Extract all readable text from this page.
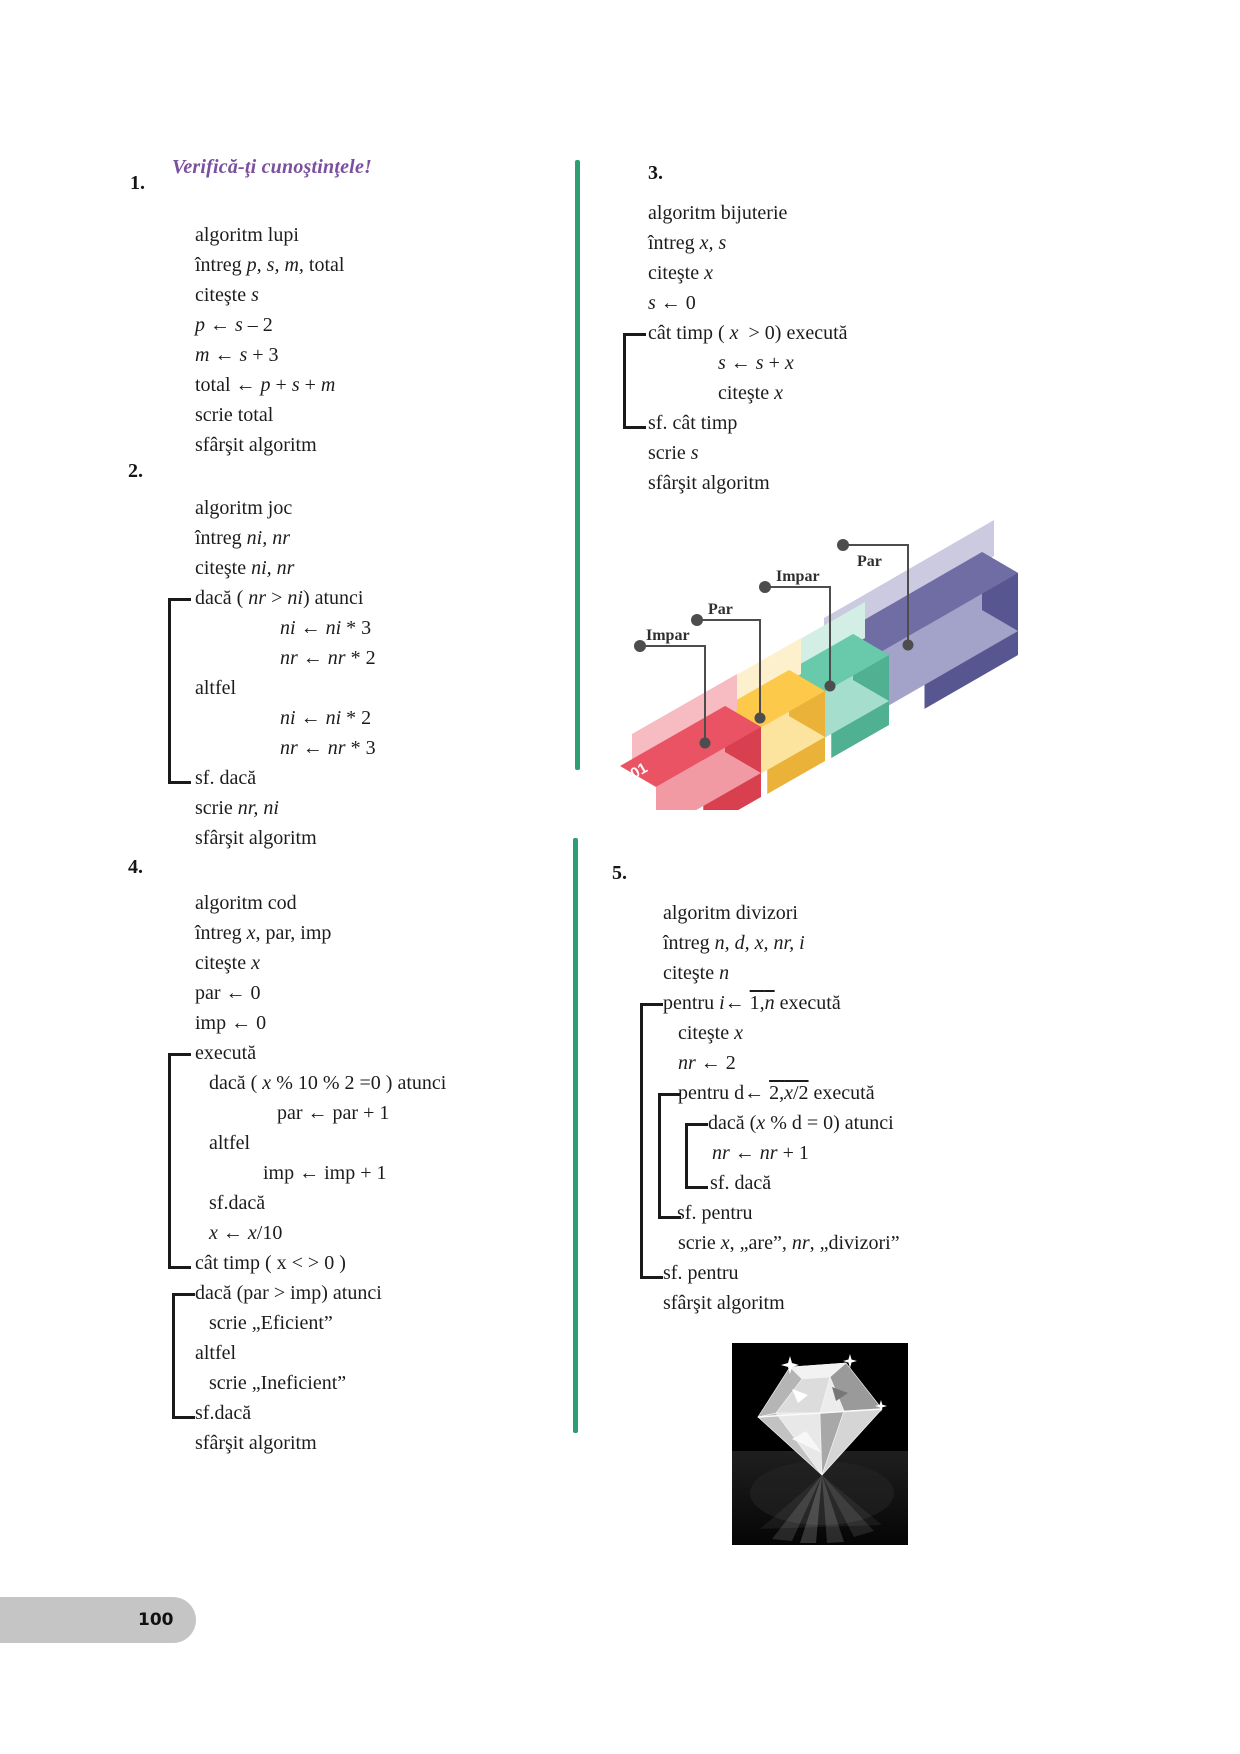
Verifică-ţi cunoştinţele!
1.
2.
3.
4.	5.
algoritm lupi
întreg p, s, m, total
citeşte s
p ← s – 2
m ← s + 3
total ← p + s + m
scrie total
sfârşit algoritm
algoritm joc
întreg ni, nr
citeşte ni, nr
dacă ( nr > ni) atunci
ni ← ni * 3
nr ← nr * 2
altfel
ni ← ni * 2
nr ← nr * 3
sf. dacă
scrie nr, ni
sfârşit algoritm
algoritm bijuterie
întreg x, s
citeşte x
s ← 0
cât timp ( x  > 0) execută
s ← s + x
citeşte x
sf. cât timp
scrie s
sfârşit algoritm
algoritm cod
întreg x, par, imp
citeşte x
par ← 0
imp ← 0
execută
dacă ( x % 10 % 2 =0 ) atunci
par ← par + 1
altfel
imp ← imp + 1
sf.dacă
x ← x/10
cât timp ( x < > 0 )
dacă (par > imp) atunci
scrie „Eficient”
altfel
scrie „Ineficient”
sf.dacă
sfârşit algoritm
algoritm divizori
întreg n, d, x, nr, i
citeşte n
pentru i← $1,\overline{n}$ execută
citeşte x
nr ← 2
pentru d← $2,\overline{x}/2$ execută
dacă (x % d = 0) atunci
nr ← nr + 1
sf. dacă
sf. pentru
scrie x, „are”, nr, „divizori”
sf. pentru
sfârşit algoritm
01
Impar
Par
Impar
Par
100
